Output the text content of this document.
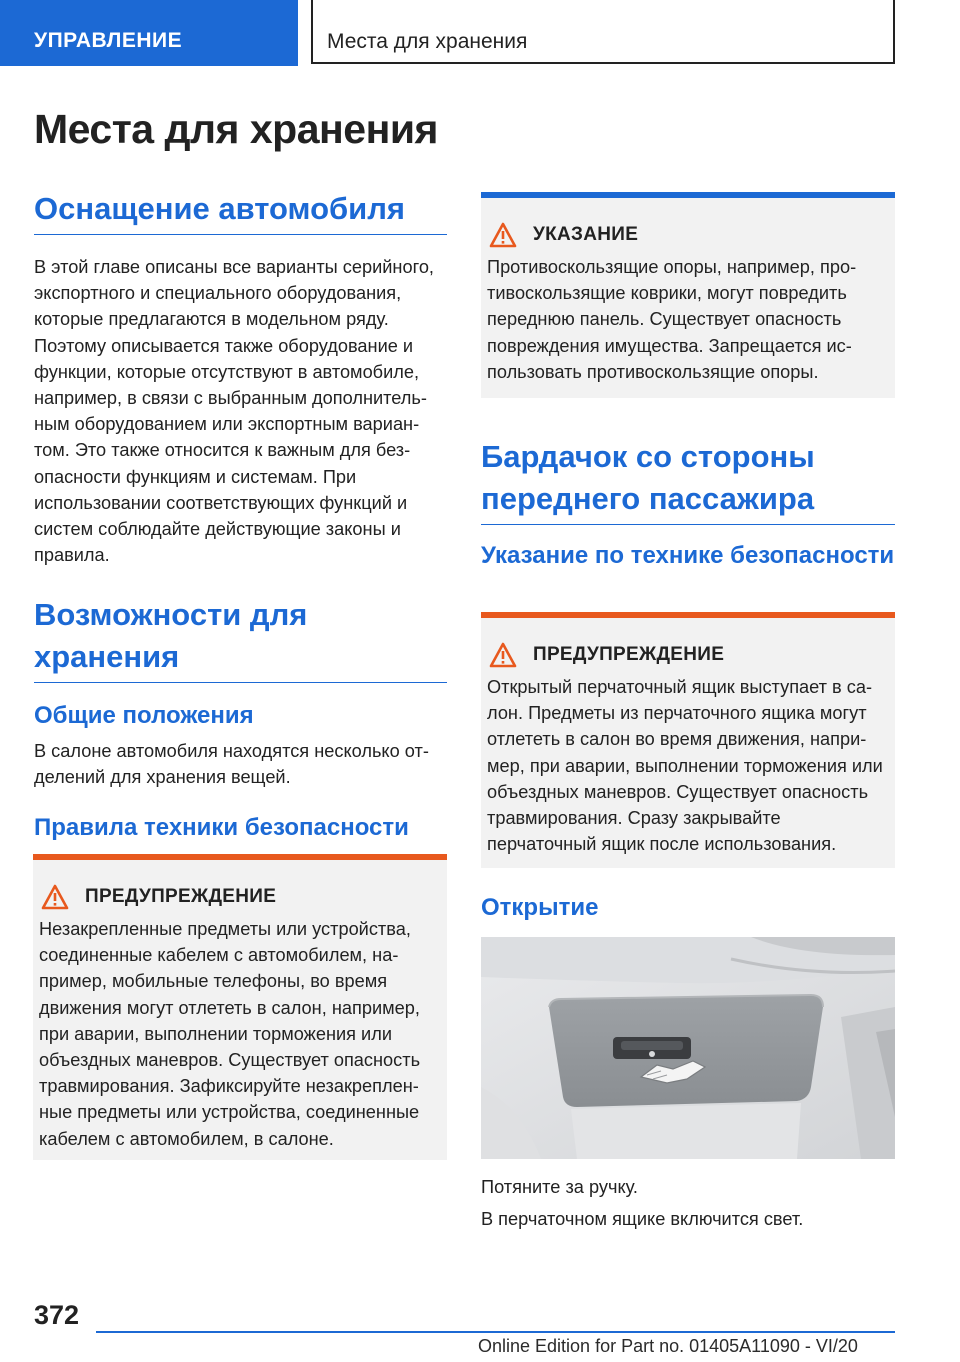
УПРАВЛЕНИЕ	Места для хранения
Места для хранения
Оснащение автомобиля

В этой главе описаны все варианты серийного, экспортного и специального оборудования, которые предлагаются в модельном ряду. Поэтому описывается также оборудование и функции, которые отсутствуют в автомобиле, например, в связи с выбранным дополнительным оборудованием или экспортным вариантом. Это также относится к важным для безопасности функциям и системам. При использовании соответствующих функций и систем соблюдайте действующие законы и правила.

Возможности для хранения
Общие положения

В салоне автомобиля находятся несколько отделений для хранения вещей.

Правила техники безопасности
ПРЕДУПРЕЖДЕНИЕ

Незакрепленные предметы или устройства, соединенные кабелем с автомобилем, например, мобильные телефоны, во время движения могут отлететь в салон, например, при аварии, выполнении торможения или объездных маневров. Существует опасность травмирования. Зафиксируйте незакрепленные предметы или устройства, соединенные кабелем с автомобилем, в салоне.

УКАЗАНИЕ

Противоскользящие опоры, например, противоскользящие коврики, могут повредить переднюю панель. Существует опасность повреждения имущества. Запрещается использовать противоскользящие опоры.

Бардачок со стороны переднего пассажира
Указание по технике безопасности
ПРЕДУПРЕЖДЕНИЕ

Открытый перчаточный ящик выступает в салон. Предметы из перчаточного ящика могут отлететь в салон во время движения, например, при аварии, выполнении торможения или объездных маневров. Существует опасность травмирования. Сразу закрывайте перчаточный ящик после использования.

Открытие

Потяните за ручку.

В перчаточном ящике включится свет.

372

Online Edition for Part no. 01405A11090 - VI/20
